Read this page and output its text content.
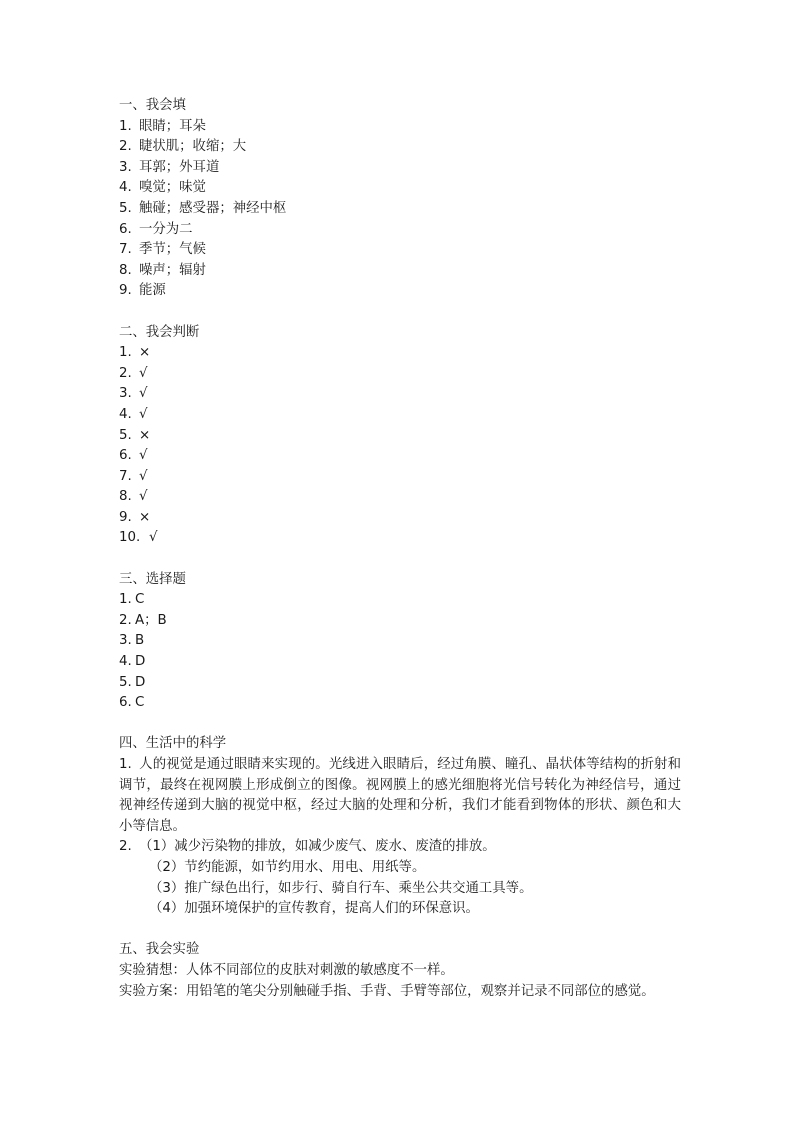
一、我会填

1. 眼睛；耳朵

2. 睫状肌；收缩；大

3. 耳郭；外耳道

4. 嗅觉；味觉

5. 触碰；感受器；神经中枢

6. 一分为二

7. 季节；气候

8. 噪声；辐射

9. 能源

二、我会判断

1. ×

2. √

3. √

4. √

5. ×

6. √

7. √

8. √

9. ×

10. √

三、选择题

1. C

2. A；B

3. B

4. D

5. D

6. C

四、生活中的科学

1. 人的视觉是通过眼睛来实现的。光线进入眼睛后，经过角膜、瞳孔、晶状体等结构的折射和调节，最终在视网膜上形成倒立的图像。视网膜上的感光细胞将光信号转化为神经信号，通过视神经传递到大脑的视觉中枢，经过大脑的处理和分析，我们才能看到物体的形状、颜色和大小等信息。

2. （1）减少污染物的排放，如减少废气、废水、废渣的排放。

（2）节约能源，如节约用水、用电、用纸等。

（3）推广绿色出行，如步行、骑自行车、乘坐公共交通工具等。

（4）加强环境保护的宣传教育，提高人们的环保意识。

五、我会实验

实验猜想：人体不同部位的皮肤对刺激的敏感度不一样。

实验方案：用铅笔的笔尖分别触碰手指、手背、手臂等部位，观察并记录不同部位的感觉。
